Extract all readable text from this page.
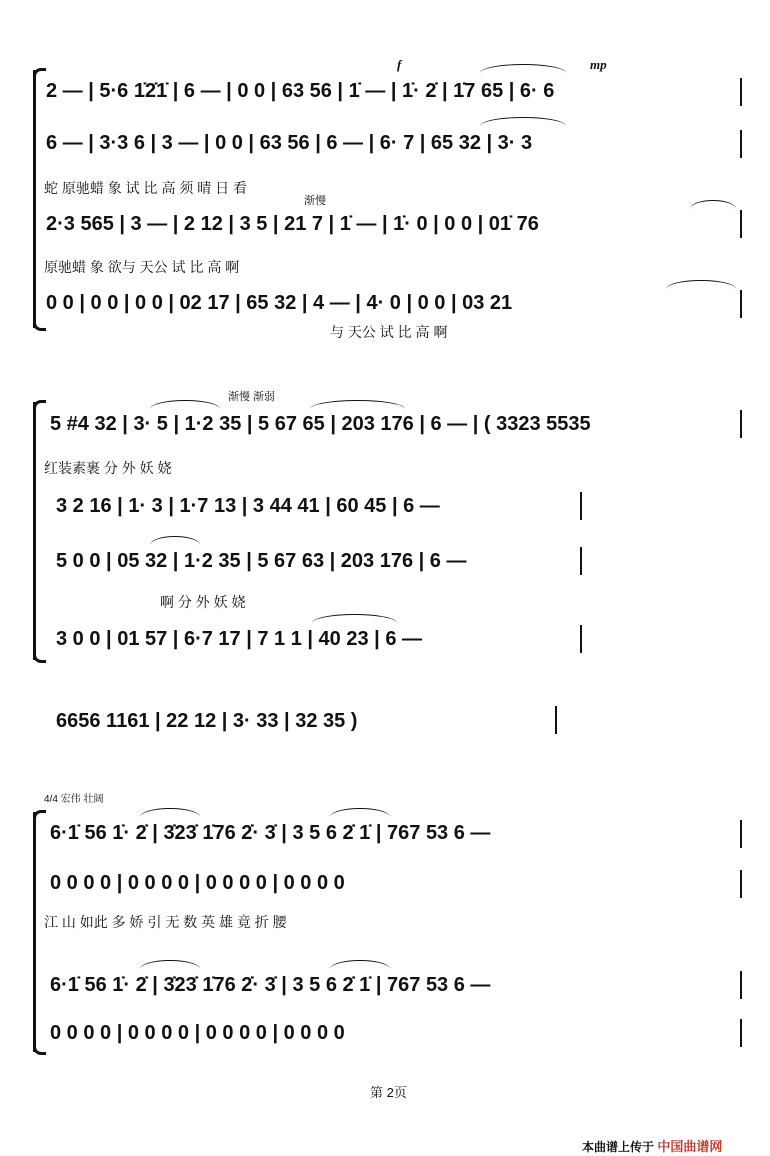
f	mp
渐慢
2 — | 5·6 1̇2̇1̇ | 6 — | 0 0 | 63 56 | 1̇ — | 1̇· 2̇ | 1̇7 65 | 6· 6
6 — | 3·3 6 | 3 — | 0 0 | 63 56 | 6 — | 6· 7 | 65 32 | 3· 3
蛇 原驰蜡 象 试 比 高 须 晴 日 看
2·3 565 | 3 — | 2 12 | 3 5 | 21 7 | 1̇ — | 1̇· 0 | 0 0 | 01̇ 76
原驰蜡 象 欲与 天公 试 比 高 啊
0 0 | 0 0 | 0 0 | 02 17 | 65 32 | 4 — | 4· 0 | 0 0 | 03 21
与 天公 试 比 高 啊
渐慢 渐弱
5 #4 32 | 3· 5 | 1·2 35 | 5 67 65 | 203 176 | 6 — | ( 3323 5535
红装素裹 分 外 妖 娆
3 2 16 | 1· 3 | 1·7 13 | 3 44 41 | 60 45 | 6 —
5 0 0 | 05 32 | 1·2 35 | 5 67 63 | 203 176 | 6 —
啊 分 外 妖 娆
3 0 0 | 01 57 | 6·7 17 | 7 1 1 | 40 23 | 6 —
6656 1161 | 22 12 | 3· 33 | 32 35 )
4/4 宏伟 壮阔
6·1̇ 56 1̇· 2̇ | 3̇23̇ 1̇76 2̇· 3̇ | 3 5 6 2̇ 1̇ | 767 53 6 —
0 0 0 0 | 0 0 0 0 | 0 0 0 0 | 0 0 0 0
江 山 如此 多 娇 引 无 数 英 雄 竟 折 腰
6·1̇ 56 1̇· 2̇ | 3̇23̇ 1̇76 2̇· 3̇ | 3 5 6 2̇ 1̇ | 767 53 6 —
0 0 0 0 | 0 0 0 0 | 0 0 0 0 | 0 0 0 0
第 2页
本曲谱上传于 中国曲谱网
